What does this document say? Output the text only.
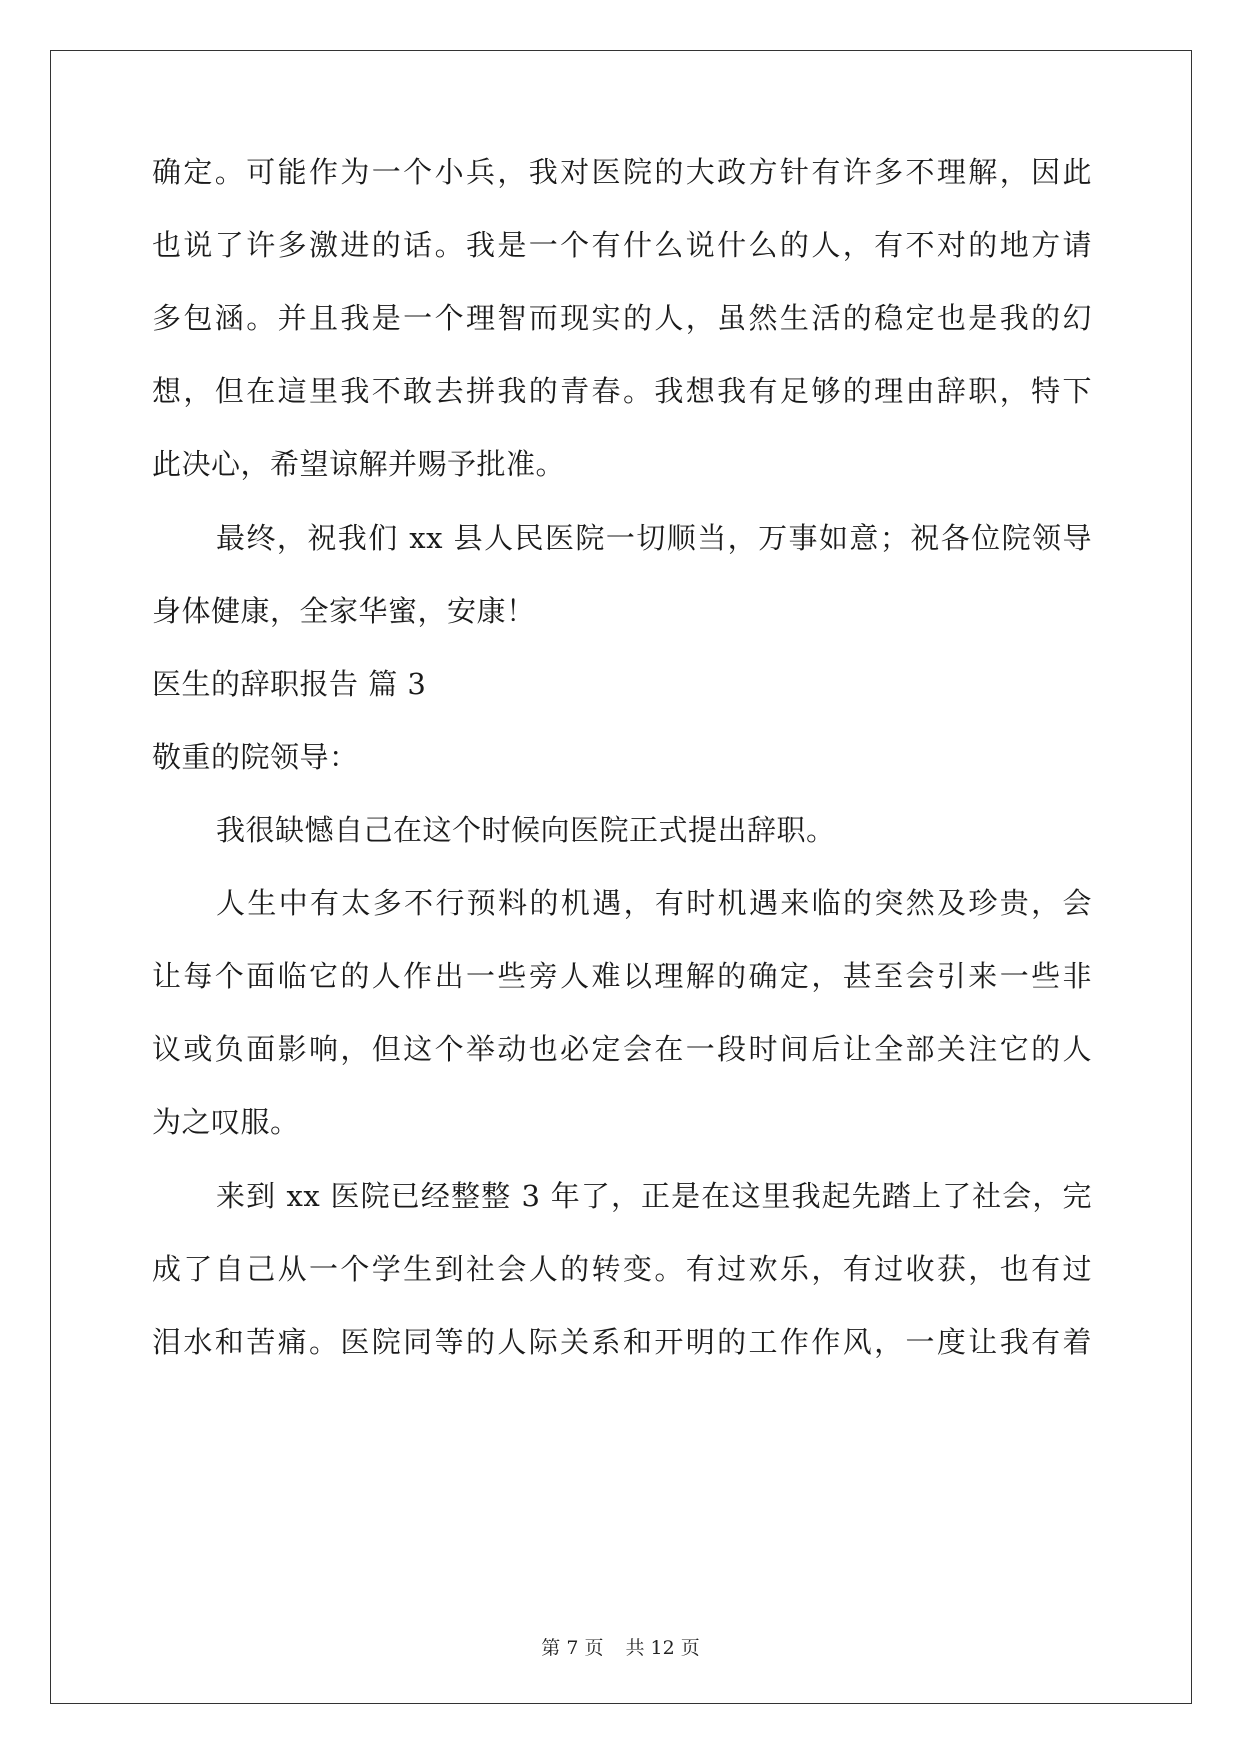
确定。可能作为一个小兵，我对医院的大政方针有许多不理解，因此
也说了许多激进的话。我是一个有什么说什么的人，有不对的地方请
多包涵。并且我是一个理智而现实的人，虽然生活的稳定也是我的幻
想，但在這里我不敢去拼我的青春。我想我有足够的理由辞职，特下
此决心，希望谅解并赐予批准。
最终，祝我们 xx 县人民医院一切顺当，万事如意；祝各位院领导
身体健康，全家华蜜，安康！
医生的辞职报告 篇 3
敬重的院领导：
我很缺憾自己在这个时候向医院正式提出辞职。
人生中有太多不行预料的机遇，有时机遇来临的突然及珍贵，会
让每个面临它的人作出一些旁人难以理解的确定，甚至会引来一些非
议或负面影响，但这个举动也必定会在一段时间后让全部关注它的人
为之叹服。
来到 xx 医院已经整整 3 年了，正是在这里我起先踏上了社会，完
成了自己从一个学生到社会人的转变。有过欢乐，有过收获，也有过
泪水和苦痛。医院同等的人际关系和开明的工作作风，一度让我有着
第 7 页 共 12 页
